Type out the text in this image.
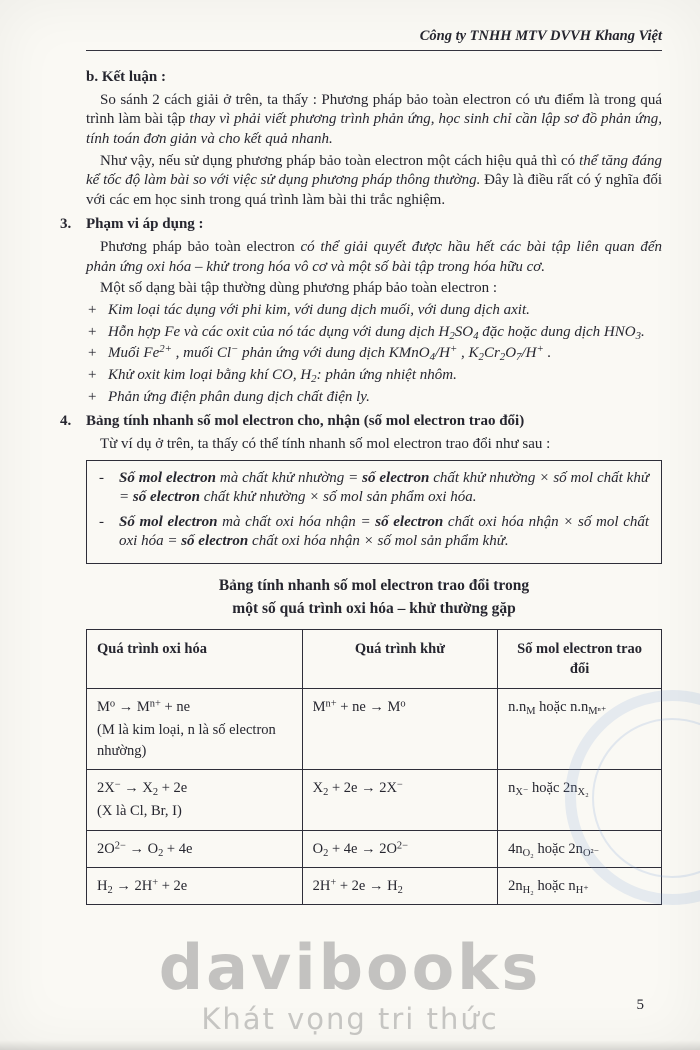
Công ty TNHH MTV DVVH Khang Việt
b. Kết luận :

So sánh 2 cách giải ở trên, ta thấy : Phương pháp bảo toàn electron có ưu điểm là trong quá trình làm bài tập thay vì phải viết phương trình phản ứng, học sinh chỉ cần lập sơ đồ phản ứng, tính toán đơn giản và cho kết quả nhanh.

Như vậy, nếu sử dụng phương pháp bảo toàn electron một cách hiệu quả thì có thể tăng đáng kể tốc độ làm bài so với việc sử dụng phương pháp thông thường. Đây là điều rất có ý nghĩa đối với các em học sinh trong quá trình làm bài thi trắc nghiệm.

3. Phạm vi áp dụng :

Phương pháp bảo toàn electron có thể giải quyết được hầu hết các bài tập liên quan đến phản ứng oxi hóa – khử trong hóa vô cơ và một số bài tập trong hóa hữu cơ.

Một số dạng bài tập thường dùng phương pháp bảo toàn electron :

+ Kim loại tác dụng với phi kim, với dung dịch muối, với dung dịch axit.
+ Hỗn hợp Fe và các oxit của nó tác dụng với dung dịch $H_2SO_4$ đặc hoặc dung dịch $HNO_3$.
+ Muối $Fe^{2+}$ , muối Cl− phản ứng với dung dịch KMnO$_4$/H+ , $K_2Cr_2O_7/H^+$ .
+ Khử oxit kim loại bằng khí CO, $H_2$: phản ứng nhiệt nhôm.
+ Phản ứng điện phân dung dịch chất điện ly.
4. Bảng tính nhanh số mol electron cho, nhận (số mol electron trao đổi)

Từ ví dụ ở trên, ta thấy có thể tính nhanh số mol electron trao đổi như sau :

-	Số mol electron mà chất khử nhường = số electron chất khử nhường × số mol chất khử = số electron chất khử nhường × số mol sản phẩm oxi hóa.
-	Số mol electron mà chất oxi hóa nhận = số electron chất oxi hóa nhận × số mol chất oxi hóa = số electron chất oxi hóa nhận × số mol sản phẩm khử.
Bảng tính nhanh số mol electron trao đổi trong
một số quá trình oxi hóa – khử thường gặp
Quá trình oxi hóa	Quá trình khử	Số mol electron trao đổi

$M^o \to M^{n+}$ + ne
(M là kim loại, n là số electron nhường)	$M^{n+}$ + ne → $M^o$	$n.n_M$ hoặc $n.n_{M^{n+}}$

$2X^- \to X_2 + 2e$
(X là Cl, Br, I)	$X_2 + 2e \to 2X^-$	$n_{X^-}$ hoặc $2n_{X_2}$

$2O^{2-} \to O_2 + 4e$	$O_2 + 4e \to 2O^{2-}$	$4n_{O_2}$ hoặc $2n_{O^{2-}}$

$H_2 \to 2H^+ + 2e$	$2H^+ + 2e \to H_2$	$2n_{H_2}$ hoặc $n_{H^+}$
davibooks
Khát vọng tri thức	5
